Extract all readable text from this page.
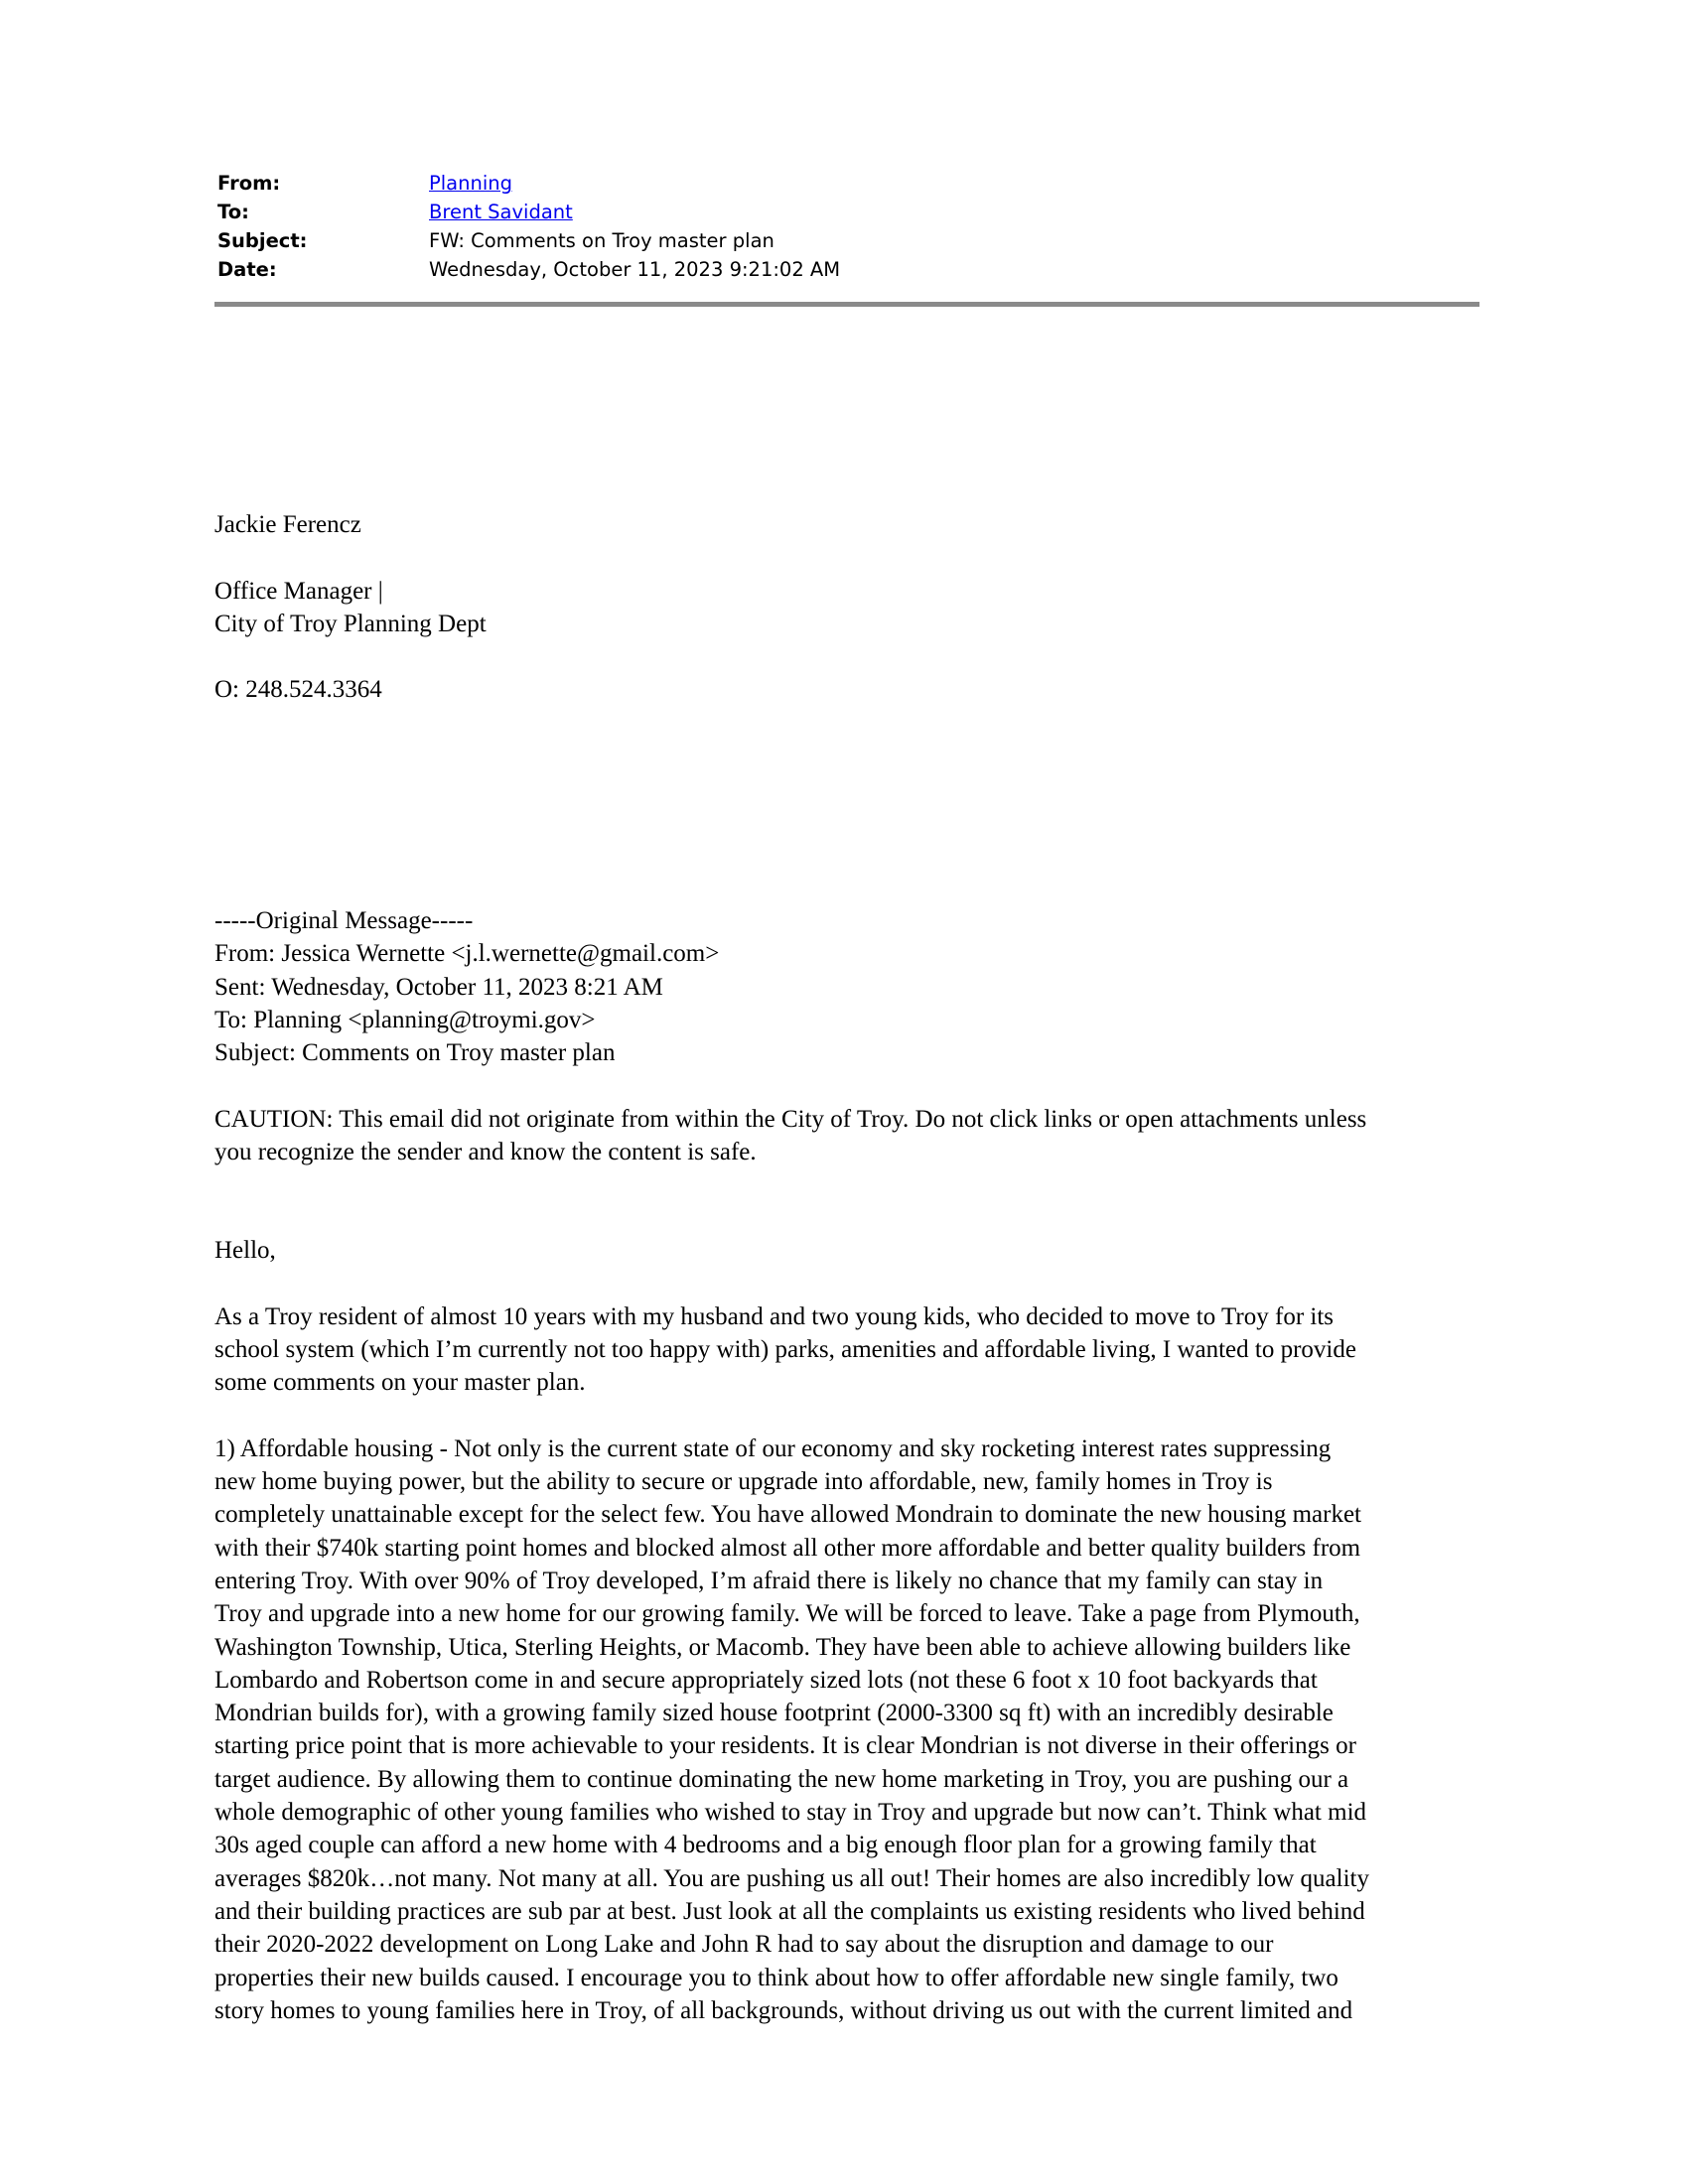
From:	Planning
To:	Brent Savidant
Subject:	FW: Comments on Troy master plan
Date:	Wednesday, October 11, 2023 9:21:02 AM
Jackie Ferencz

Office Manager |
City of Troy Planning Dept

O: 248.524.3364
-----Original Message-----
From: Jessica Wernette <j.l.wernette@gmail.com>
Sent: Wednesday, October 11, 2023 8:21 AM
To: Planning <planning@troymi.gov>
Subject: Comments on Troy master plan

CAUTION: This email did not originate from within the City of Troy. Do not click links or open attachments unless
you recognize the sender and know the content is safe.
Hello,

As a Troy resident of almost 10 years with my husband and two young kids, who decided to move to Troy for its
school system (which I’m currently not too happy with) parks, amenities and affordable living, I wanted to provide
some comments on your master plan.

1) Affordable housing - Not only is the current state of our economy and sky rocketing interest rates suppressing
new home buying power, but the ability to secure or upgrade into affordable, new, family homes in Troy is
completely unattainable except for the select few. You have allowed Mondrain to dominate the new housing market
with their $740k starting point homes and blocked almost all other more affordable and better quality builders from
entering Troy. With over 90% of Troy developed, I’m afraid there is likely no chance that my family can stay in
Troy and upgrade into a new home for our growing family. We will be forced to leave. Take a page from Plymouth,
Washington Township, Utica, Sterling Heights, or Macomb. They have been able to achieve allowing builders like
Lombardo and Robertson come in and secure appropriately sized lots (not these 6 foot x 10 foot backyards that
Mondrian builds for), with a growing family sized house footprint (2000-3300 sq ft) with an incredibly desirable
starting price point that is more achievable to your residents. It is clear Mondrian is not diverse in their offerings or
target audience. By allowing them to continue dominating the new home marketing in Troy, you are pushing our a
whole demographic of other young families who wished to stay in Troy and upgrade but now can’t. Think what mid
30s aged couple can afford a new home with 4 bedrooms and a big enough floor plan for a growing family that
averages $820k…not many. Not many at all. You are pushing us all out! Their homes are also incredibly low quality
and their building practices are sub par at best. Just look at all the complaints us existing residents who lived behind
their 2020-2022 development on Long Lake and John R had to say about the disruption and damage to our
properties their new builds caused. I encourage you to think about how to offer affordable new single family, two
story homes to young families here in Troy, of all backgrounds, without driving us out with the current limited and
